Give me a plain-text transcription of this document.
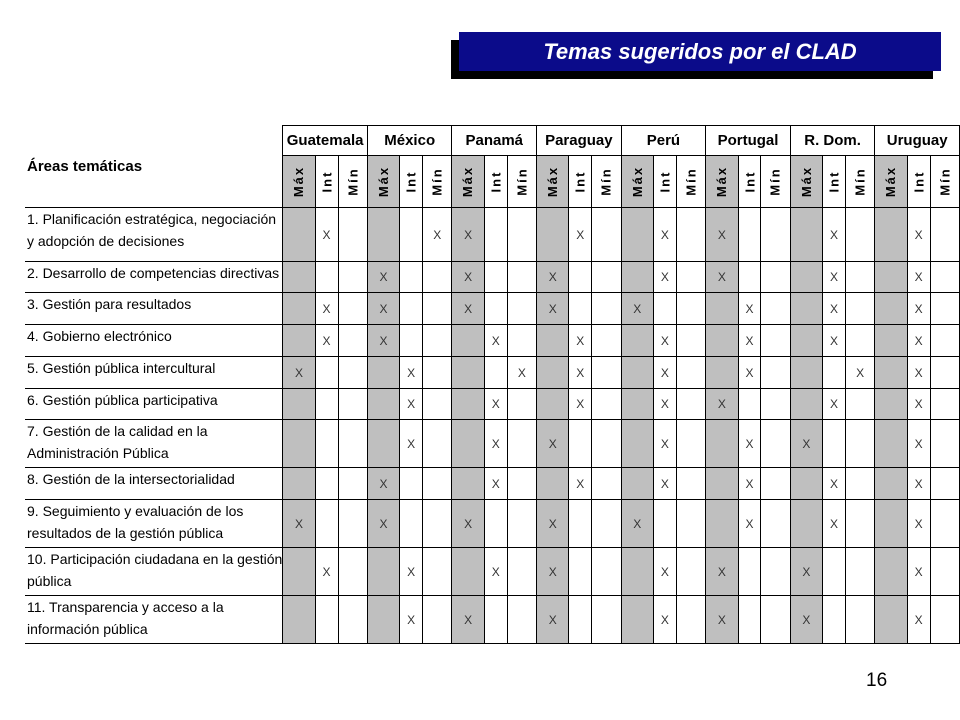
Temas sugeridos por el CLAD
Áreas temáticas	Guatemala			México			Panamá			Paraguay			Perú			Portugal			R. Dom.			Uruguay		
	Máx	Int	Mín	Máx	Int	Mín	Máx	Int	Mín	Máx	Int	Mín	Máx	Int	Mín	Máx	Int	Mín	Máx	Int	Mín	Máx	Int	Mín

1. Planificación estratégica, negociación
y adopción de decisiones		X				X	X				X			X		X				X			X	

2. Desarrollo de competencias directivas				X			X			X				X		X				X			X	

3. Gestión para resultados		X		X			X			X			X				X			X			X	

4. Gobierno electrónico		X		X				X			X			X			X			X			X	

5. Gestión pública intercultural	X				X				X		X			X			X				X		X	

6. Gestión pública participativa					X			X			X			X		X				X			X	

7. Gestión de la calidad en la
Administración Pública					X			X		X				X			X		X				X	

8. Gestión de la intersectorialidad				X				X			X			X			X			X			X	

9. Seguimiento y evaluación de los
resultados de la gestión pública	X			X			X			X			X				X			X			X	

10. Participación ciudadana en la gestión
pública		X			X			X		X				X		X			X				X	

11. Transparencia y acceso a la
información pública					X		X			X				X		X			X				X	
16
